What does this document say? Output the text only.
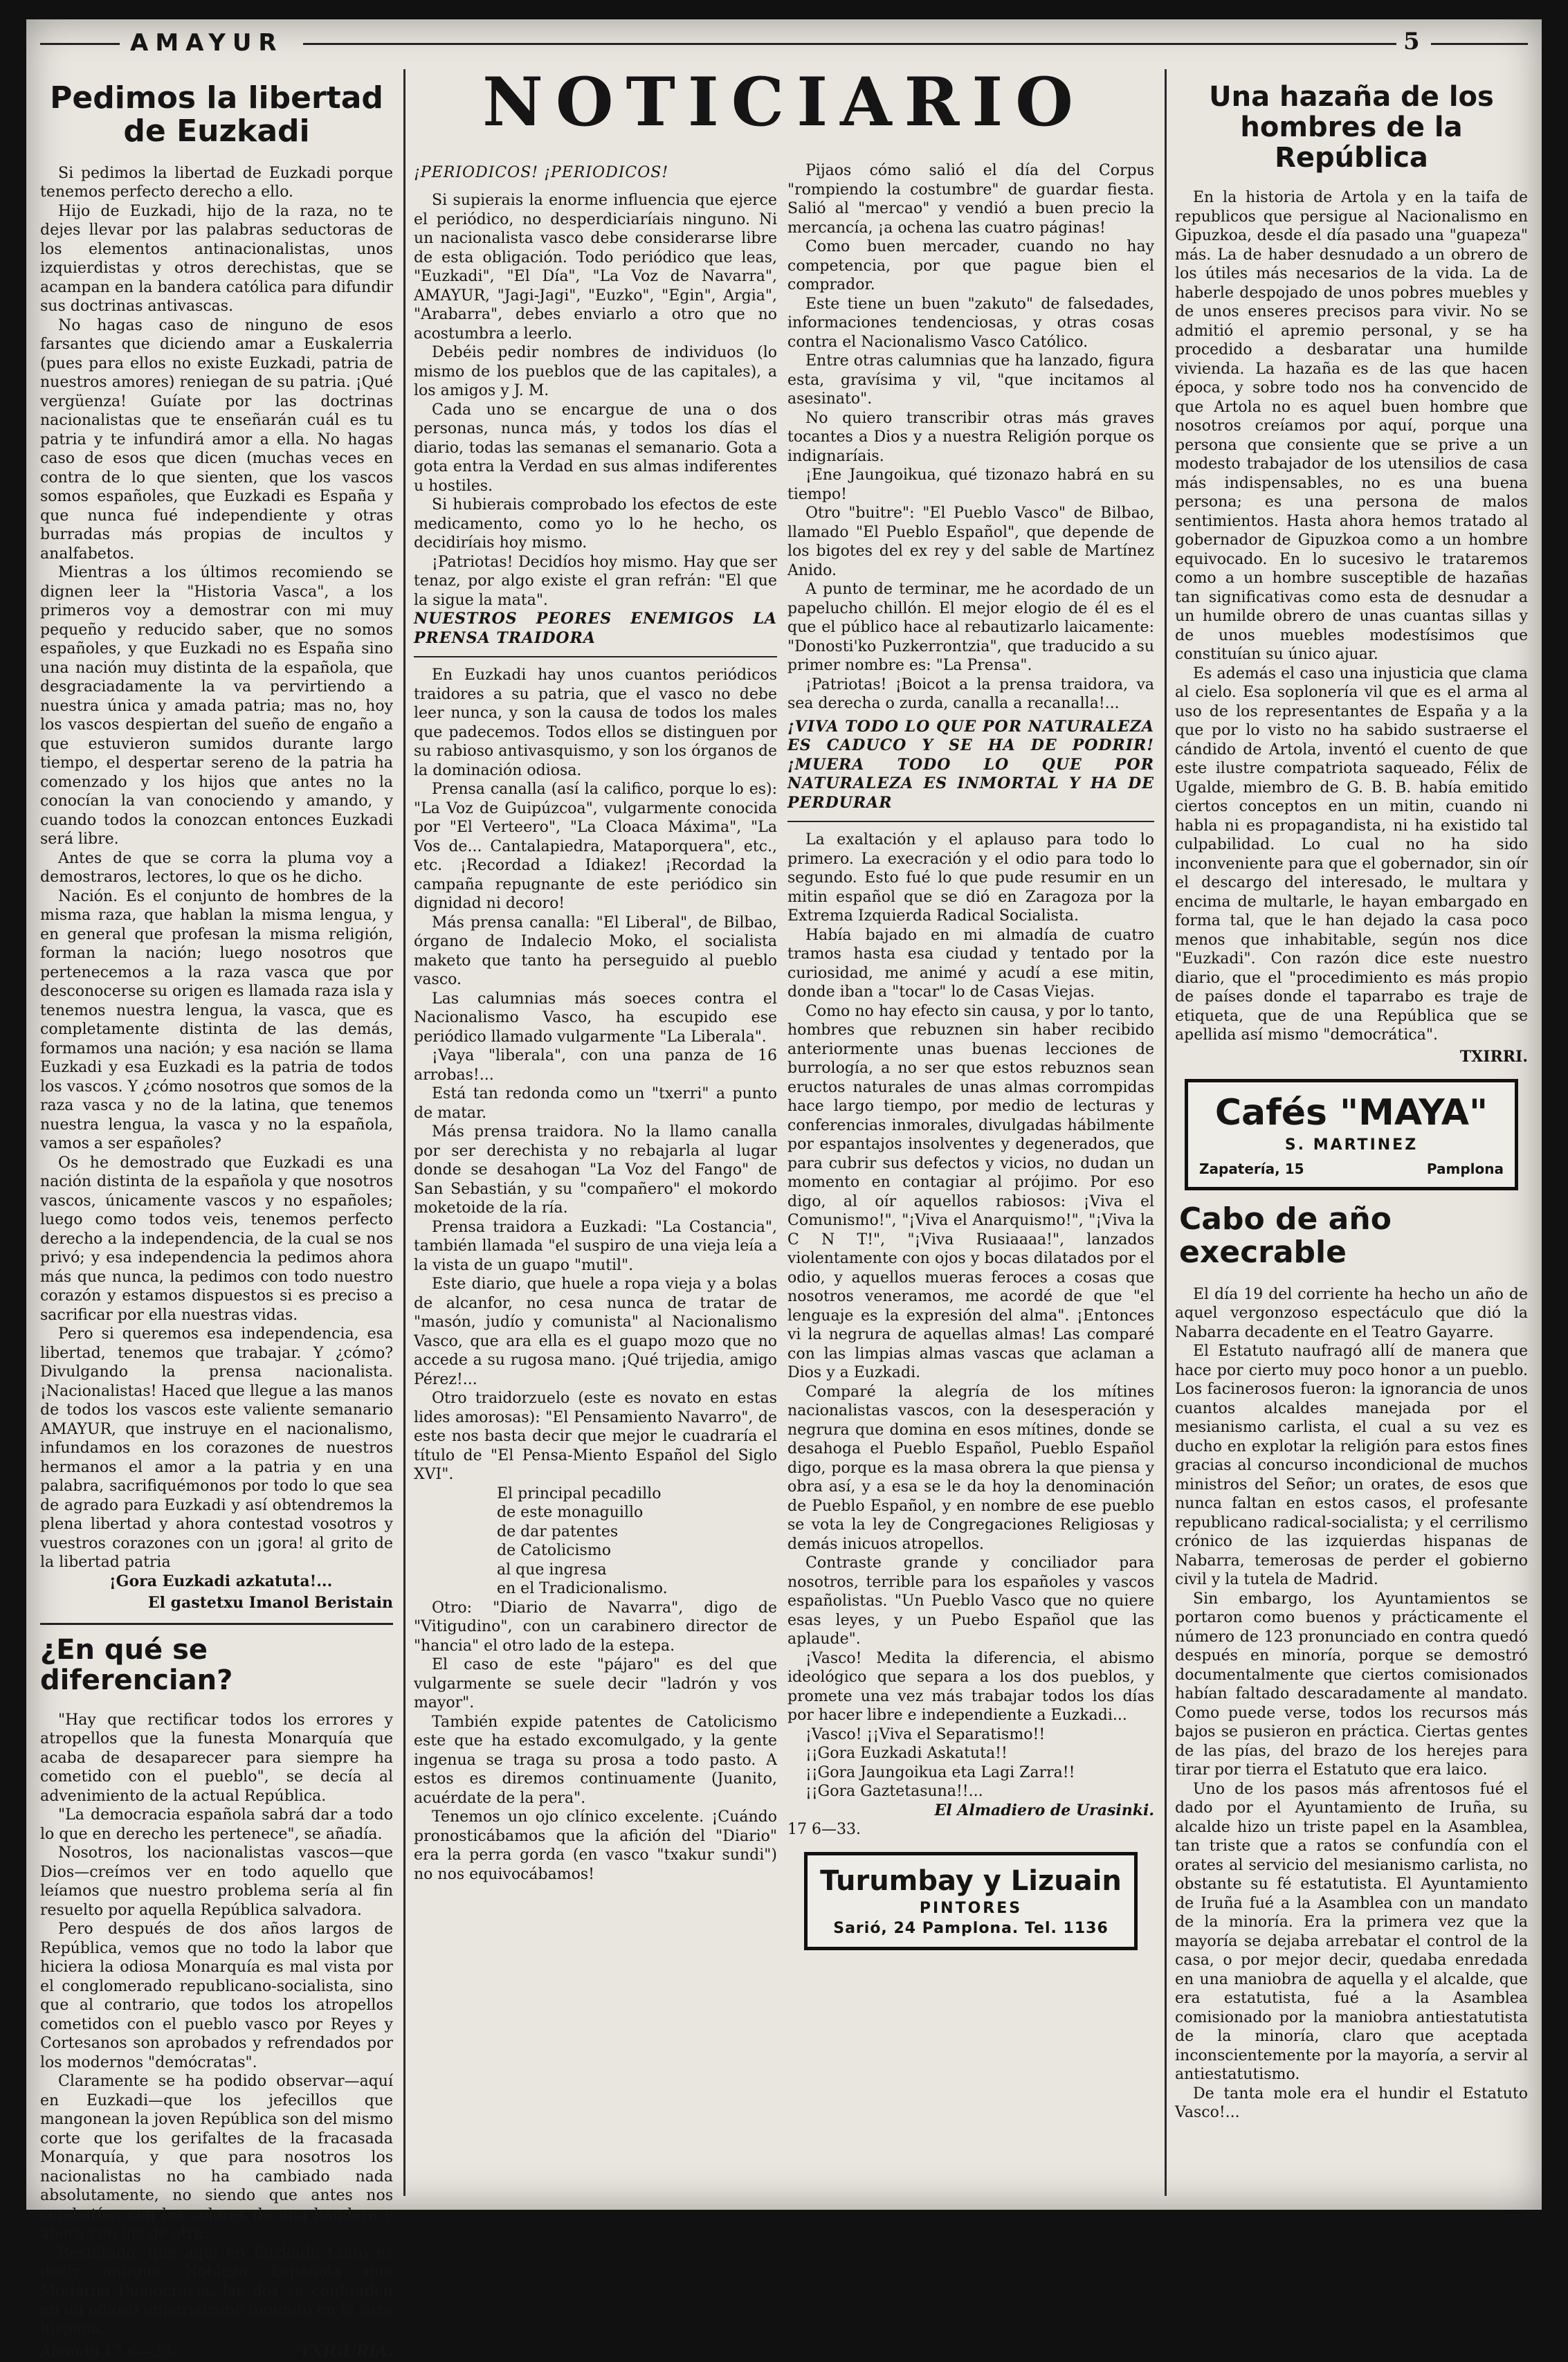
AMAYUR	5
Pedimos la libertad de Euzkadi

Si pedimos la libertad de Euzkadi porque tenemos perfecto derecho a ello.

Hijo de Euzkadi, hijo de la raza, no te dejes llevar por las palabras seductoras de los elementos antinacionalistas, unos izquierdistas y otros derechistas, que se acampan en la bandera católica para difundir sus doctrinas antivascas.

No hagas caso de ninguno de esos farsantes que diciendo amar a Euskalerria (pues para ellos no existe Euzkadi, patria de nuestros amores) reniegan de su patria. ¡Qué vergüenza! Guíate por las doctrinas nacionalistas que te enseñarán cuál es tu patria y te infundirá amor a ella. No hagas caso de esos que dicen (muchas veces en contra de lo que sienten, que los vascos somos españoles, que Euzkadi es España y que nunca fué independiente y otras burradas más propias de incultos y analfabetos.

Mientras a los últimos recomiendo se dignen leer la "Historia Vasca", a los primeros voy a demostrar con mi muy pequeño y reducido saber, que no somos españoles, y que Euzkadi no es España sino una nación muy distinta de la española, que desgraciadamente la va pervirtiendo a nuestra única y amada patria; mas no, hoy los vascos despiertan del sueño de engaño a que estuvieron sumidos durante largo tiempo, el despertar sereno de la patria ha comenzado y los hijos que antes no la conocían la van conociendo y amando, y cuando todos la conozcan entonces Euzkadi será libre.

Antes de que se corra la pluma voy a demostraros, lectores, lo que os he dicho.

Nación. Es el conjunto de hombres de la misma raza, que hablan la misma lengua, y en general que profesan la misma religión, forman la nación; luego nosotros que pertenecemos a la raza vasca que por desconocerse su origen es llamada raza isla y tenemos nuestra lengua, la vasca, que es completamente distinta de las demás, formamos una nación; y esa nación se llama Euzkadi y esa Euzkadi es la patria de todos los vascos. Y ¿cómo nosotros que somos de la raza vasca y no de la latina, que tenemos nuestra lengua, la vasca y no la española, vamos a ser españoles?

Os he demostrado que Euzkadi es una nación distinta de la española y que nosotros vascos, únicamente vascos y no españoles; luego como todos veis, tenemos perfecto derecho a la independencia, de la cual se nos privó; y esa independencia la pedimos ahora más que nunca, la pedimos con todo nuestro corazón y estamos dispuestos si es preciso a sacrificar por ella nuestras vidas.

Pero si queremos esa independencia, esa libertad, tenemos que trabajar. Y ¿cómo? Divulgando la prensa nacionalista. ¡Nacionalistas! Haced que llegue a las manos de todos los vascos este valiente semanario AMAYUR, que instruye en el nacionalismo, infundamos en los corazones de nuestros hermanos el amor a la patria y en una palabra, sacrifiquémonos por todo lo que sea de agrado para Euzkadi y así obtendremos la plena libertad y ahora contestad vosotros y vuestros corazones con un ¡gora! al grito de la libertad patria

¡Gora Euzkadi azkatuta!...

El gastetxu Imanol Beristain
¿En qué se diferencian?

"Hay que rectificar todos los errores y atropellos que la funesta Monarquía que acaba de desaparecer para siempre ha cometido con el pueblo", se decía al advenimiento de la actual República.

"La democracia española sabrá dar a todo lo que en derecho les pertenece", se añadía.

Nosotros, los nacionalistas vascos—que Dios—creímos ver en todo aquello que leíamos que nuestro problema sería al fin resuelto por aquella República salvadora.

Pero después de dos años largos de República, vemos que no todo la labor que hiciera la odiosa Monarquía es mal vista por el conglomerado republicano-socialista, sino que al contrario, que todos los atropellos cometidos con el pueblo vasco por Reyes y Cortesanos son aprobados y refrendados por los modernos "demócratas".

Claramente se ha podido observar—aquí en Euzkadi—que los jefecillos que mangonean la joven República son del mismo corte que los gerifaltes de la fracasada Monarquía, y que para nosotros los nacionalistas no ha cambiado nada absolutamente, no siendo que antes nos combatían con los colores de una bandera y ahora con los de otra.

Resultado, que aquí en Euzkadi, tanto es decir antigua Nobleza Española que Moderna Democracia, las dos se confunden en un odioso imperialismo ingénito en la raza hispana.

Abando 17 6—33.	TXIGURIA.
NOTICIARIO
¡PERIODICOS! ¡PERIODICOS!

Si supierais la enorme influencia que ejerce el periódico, no desperdiciaríais ninguno. Ni un nacionalista vasco debe considerarse libre de esta obligación. Todo periódico que leas, "Euzkadi", "El Día", "La Voz de Navarra", AMAYUR, "Jagi-Jagi", "Euzko", "Egin", Argia", "Arabarra", debes enviarlo a otro que no acostumbra a leerlo.

Debéis pedir nombres de individuos (lo mismo de los pueblos que de las capitales), a los amigos y J. M.

Cada uno se encargue de una o dos personas, nunca más, y todos los días el diario, todas las semanas el semanario. Gota a gota entra la Verdad en sus almas indiferentes u hostiles.

Si hubierais comprobado los efectos de este medicamento, como yo lo he hecho, os decidiríais hoy mismo.

¡Patriotas! Decidíos hoy mismo. Hay que ser tenaz, por algo existe el gran refrán: "El que la sigue la mata".

NUESTROS PEORES ENEMIGOS LA PRENSA TRAIDORA

En Euzkadi hay unos cuantos periódicos traidores a su patria, que el vasco no debe leer nunca, y son la causa de todos los males que padecemos. Todos ellos se distinguen por su rabioso antivasquismo, y son los órganos de la dominación odiosa.

Prensa canalla (así la califico, porque lo es): "La Voz de Guipúzcoa", vulgarmente conocida por "El Verteero", "La Cloaca Máxima", "La Vos de... Cantalapiedra, Mataporquera", etc., etc. ¡Recordad a Idiakez! ¡Recordad la campaña repugnante de este periódico sin dignidad ni decoro!

Más prensa canalla: "El Liberal", de Bilbao, órgano de Indalecio Moko, el socialista maketo que tanto ha perseguido al pueblo vasco.

Las calumnias más soeces contra el Nacionalismo Vasco, ha escupido ese periódico llamado vulgarmente "La Liberala".

¡Vaya "liberala", con una panza de 16 arrobas!...

Está tan redonda como un "txerri" a punto de matar.

Más prensa traidora. No la llamo canalla por ser derechista y no rebajarla al lugar donde se desahogan "La Voz del Fango" de San Sebastián, y su "compañero" el mokordo moketoide de la ría.

Prensa traidora a Euzkadi: "La Costancia", también llamada "el suspiro de una vieja leía a la vista de un guapo "mutil".

Este diario, que huele a ropa vieja y a bolas de alcanfor, no cesa nunca de tratar de "masón, judío y comunista" al Nacionalismo Vasco, que ara ella es el guapo mozo que no accede a su rugosa mano. ¡Qué trijedia, amigo Pérez!...

Otro traidorzuelo (este es novato en estas lides amorosas): "El Pensamiento Navarro", de este nos basta decir que mejor le cuadraría el título de "El Pensa-Miento Español del Siglo XVI".

El principal pecadillo
de este monaguillo
de dar patentes
de Catolicismo
al que ingresa
en el Tradicionalismo.

Otro: "Diario de Navarra", digo de "Vitigudino", con un carabinero director de "hancia" el otro lado de la estepa.

El caso de este "pájaro" es del que vulgarmente se suele decir "ladrón y vos mayor".

También expide patentes de Catolicismo este que ha estado excomulgado, y la gente ingenua se traga su prosa a todo pasto. A estos es diremos continuamente (Juanito, acuérdate de la pera".

Tenemos un ojo clínico excelente. ¡Cuándo pronosticábamos que la afición del "Diario" era la perra gorda (en vasco "txakur sundi") no nos equivocábamos!

Pijaos cómo salió el día del Corpus "rompiendo la costumbre" de guardar fiesta. Salió al "mercao" y vendió a buen precio la mercancía, ¡a ochena las cuatro páginas!

Como buen mercader, cuando no hay competencia, por que pague bien el comprador.

Este tiene un buen "zakuto" de falsedades, informaciones tendenciosas, y otras cosas contra el Nacionalismo Vasco Católico.

Entre otras calumnias que ha lanzado, figura esta, gravísima y vil, "que incitamos al asesinato".

No quiero transcribir otras más graves tocantes a Dios y a nuestra Religión porque os indignaríais.

¡Ene Jaungoikua, qué tizonazo habrá en su tiempo!

Otro "buitre": "El Pueblo Vasco" de Bilbao, llamado "El Pueblo Español", que depende de los bigotes del ex rey y del sable de Martínez Anido.

A punto de terminar, me he acordado de un papelucho chillón. El mejor elogio de él es el que el público hace al rebautizarlo laicamente: "Donosti'ko Puzkerrontzia", que traducido a su primer nombre es: "La Prensa".

¡Patriotas! ¡Boicot a la prensa traidora, va sea derecha o zurda, canalla a recanalla!...

¡VIVA TODO LO QUE POR NATURALEZA ES CADUCO Y SE HA DE PODRIR! ¡MUERA TODO LO QUE POR NATURALEZA ES INMORTAL Y HA DE PERDURAR

La exaltación y el aplauso para todo lo primero. La execración y el odio para todo lo segundo. Esto fué lo que pude resumir en un mitin español que se dió en Zaragoza por la Extrema Izquierda Radical Socialista.

Había bajado en mi almadía de cuatro tramos hasta esa ciudad y tentado por la curiosidad, me animé y acudí a ese mitin, donde iban a "tocar" lo de Casas Viejas.

Como no hay efecto sin causa, y por lo tanto, hombres que rebuznen sin haber recibido anteriormente unas buenas lecciones de burrología, a no ser que estos rebuznos sean eructos naturales de unas almas corrompidas hace largo tiempo, por medio de lecturas y conferencias inmorales, divulgadas hábilmente por espantajos insolventes y degenerados, que para cubrir sus defectos y vicios, no dudan un momento en contagiar al prójimo. Por eso digo, al oír aquellos rabiosos: ¡Viva el Comunismo!", "¡Viva el Anarquismo!", "¡Viva la C N T!", "¡Viva Rusiaaaa!", lanzados violentamente con ojos y bocas dilatados por el odio, y aquellos mueras feroces a cosas que nosotros veneramos, me acordé de que "el lenguaje es la expresión del alma". ¡Entonces vi la negrura de aquellas almas! Las comparé con las limpias almas vascas que aclaman a Dios y a Euzkadi.

Comparé la alegría de los mítines nacionalistas vascos, con la desesperación y negrura que domina en esos mítines, donde se desahoga el Pueblo Español, Pueblo Español digo, porque es la masa obrera la que piensa y obra así, y a esa se le da hoy la denominación de Pueblo Español, y en nombre de ese pueblo se vota la ley de Congregaciones Religiosas y demás inicuos atropellos.

Contraste grande y conciliador para nosotros, terrible para los españoles y vascos españolistas. "Un Pueblo Vasco que no quiere esas leyes, y un Puebo Español que las aplaude".

¡Vasco! Medita la diferencia, el abismo ideológico que separa a los dos pueblos, y promete una vez más trabajar todos los días por hacer libre e independiente a Euzkadi...

¡Vasco! ¡¡Viva el Separatismo!!

¡¡Gora Euzkadi Askatuta!!

¡¡Gora Jaungoikua eta Lagi Zarra!!

¡¡Gora Gaztetasuna!!...

El Almadiero de Urasinki.

17 6—33.

Turumbay y Lizuain
PINTORES
Sarió, 24 Pamplona. Tel. 1136
Una hazaña de los hombres de la República

En la historia de Artola y en la taifa de republicos que persigue al Nacionalismo en Gipuzkoa, desde el día pasado una "guapeza" más. La de haber desnudado a un obrero de los útiles más necesarios de la vida. La de haberle despojado de unos pobres muebles y de unos enseres precisos para vivir. No se admitió el apremio personal, y se ha procedido a desbaratar una humilde vivienda. La hazaña es de las que hacen época, y sobre todo nos ha convencido de que Artola no es aquel buen hombre que nosotros creíamos por aquí, porque una persona que consiente que se prive a un modesto trabajador de los utensilios de casa más indispensables, no es una buena persona; es una persona de malos sentimientos. Hasta ahora hemos tratado al gobernador de Gipuzkoa como a un hombre equivocado. En lo sucesivo le trataremos como a un hombre susceptible de hazañas tan significativas como esta de desnudar a un humilde obrero de unas cuantas sillas y de unos muebles modestísimos que constituían su único ajuar.

Es además el caso una injusticia que clama al cielo. Esa soplonería vil que es el arma al uso de los representantes de España y a la que por lo visto no ha sabido sustraerse el cándido de Artola, inventó el cuento de que este ilustre compatriota saqueado, Félix de Ugalde, miembro de G. B. B. había emitido ciertos conceptos en un mitin, cuando ni habla ni es propagandista, ni ha existido tal culpabilidad. Lo cual no ha sido inconveniente para que el gobernador, sin oír el descargo del interesado, le multara y encima de multarle, le hayan embargado en forma tal, que le han dejado la casa poco menos que inhabitable, según nos dice "Euzkadi". Con razón dice este nuestro diario, que el "procedimiento es más propio de países donde el taparrabo es traje de etiqueta, que de una República que se apellida así mismo "democrática".

TXIRRI.
Cafés "MAYA"
S. MARTINEZ
Zapatería, 15	Pamplona
Cabo de año execrable

El día 19 del corriente ha hecho un año de aquel vergonzoso espectáculo que dió la Nabarra decadente en el Teatro Gayarre.

El Estatuto naufragó allí de manera que hace por cierto muy poco honor a un pueblo. Los facinerosos fueron: la ignorancia de unos cuantos alcaldes manejada por el mesianismo carlista, el cual a su vez es ducho en explotar la religión para estos fines gracias al concurso incondicional de muchos ministros del Señor; un orates, de esos que nunca faltan en estos casos, el profesante republicano radical-socialista; y el cerrilismo crónico de las izquierdas hispanas de Nabarra, temerosas de perder el gobierno civil y la tutela de Madrid.

Sin embargo, los Ayuntamientos se portaron como buenos y prácticamente el número de 123 pronunciado en contra quedó después en minoría, porque se demostró documentalmente que ciertos comisionados habían faltado descaradamente al mandato. Como puede verse, todos los recursos más bajos se pusieron en práctica. Ciertas gentes de las pías, del brazo de los herejes para tirar por tierra el Estatuto que era laico.

Uno de los pasos más afrentosos fué el dado por el Ayuntamiento de Iruña, su alcalde hizo un triste papel en la Asamblea, tan triste que a ratos se confundía con el orates al servicio del mesianismo carlista, no obstante su fé estatutista. El Ayuntamiento de Iruña fué a la Asamblea con un mandato de la minoría. Era la primera vez que la mayoría se dejaba arrebatar el control de la casa, o por mejor decir, quedaba enredada en una maniobra de aquella y el alcalde, que era estatutista, fué a la Asamblea comisionado por la maniobra antiestatutista de la minoría, claro que aceptada inconscientemente por la mayoría, a servir al antiestatutismo.

De tanta mole era el hundir el Estatuto Vasco!...
